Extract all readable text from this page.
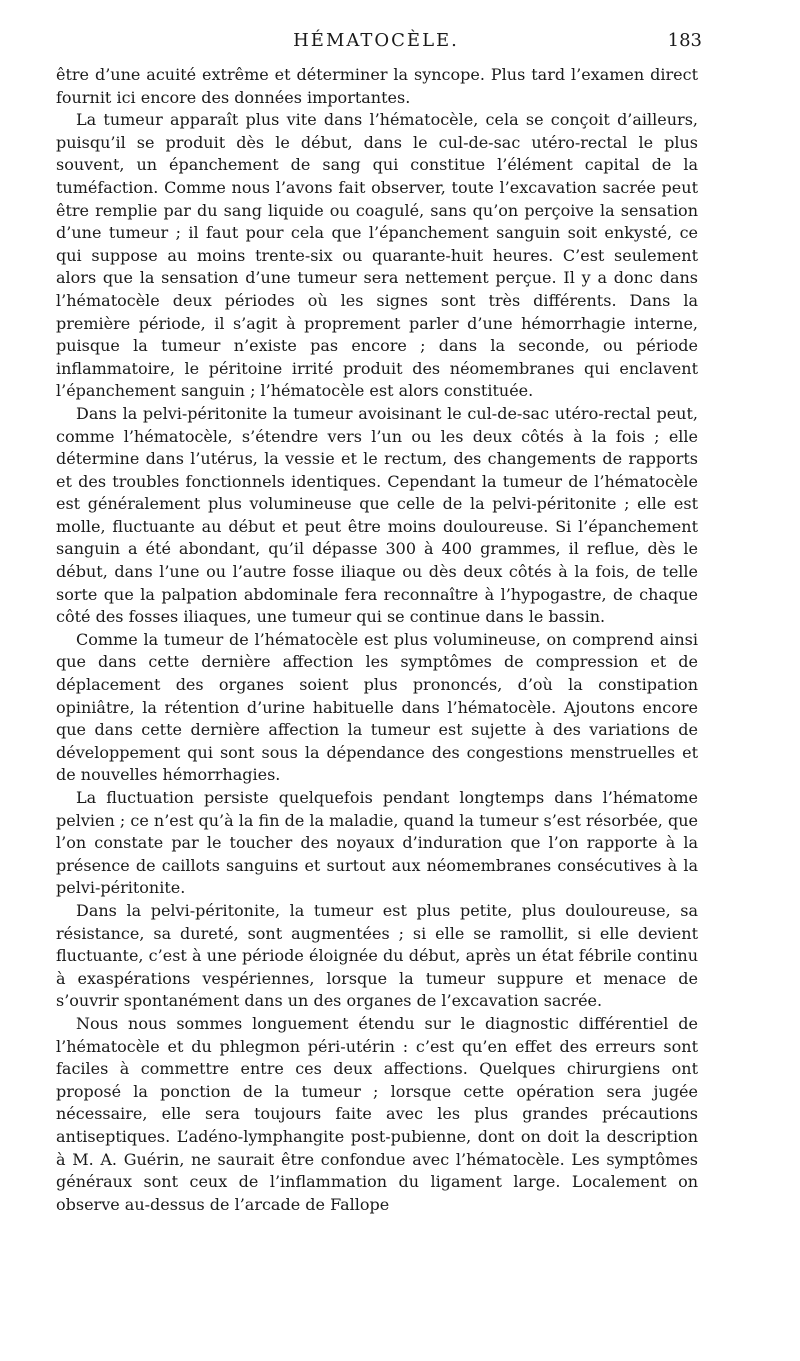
HÉMATOCÈLE.	183

être d’une acuité extrême et déterminer la syncope. Plus tard l’examen direct fournit ici encore des données importantes.

La tumeur apparaît plus vite dans l’hématocèle, cela se conçoit d’ailleurs, puisqu’il se produit dès le début, dans le cul-de-sac utéro-rectal le plus souvent, un épanchement de sang qui constitue l’élément capital de la tuméfaction. Comme nous l’avons fait observer, toute l’excavation sacrée peut être remplie par du sang liquide ou coagulé, sans qu’on perçoive la sensation d’une tumeur ; il faut pour cela que l’épanchement sanguin soit enkysté, ce qui suppose au moins trente-six ou quarante-huit heures. C’est seulement alors que la sensation d’une tumeur sera nettement perçue. Il y a donc dans l’hématocèle deux périodes où les signes sont très différents. Dans la première période, il s’agit à proprement parler d’une hémorrhagie interne, puisque la tumeur n’existe pas encore ; dans la seconde, ou période inflammatoire, le péritoine irrité produit des néomembranes qui enclavent l’épanchement sanguin ; l’hématocèle est alors constituée.

Dans la pelvi-péritonite la tumeur avoisinant le cul-de-sac utéro-rectal peut, comme l’hématocèle, s’étendre vers l’un ou les deux côtés à la fois ; elle détermine dans l’utérus, la vessie et le rectum, des changements de rapports et des troubles fonctionnels identiques. Cependant la tumeur de l’hématocèle est généralement plus volumineuse que celle de la pelvi-péritonite ; elle est molle, fluctuante au début et peut être moins douloureuse. Si l’épanchement sanguin a été abondant, qu’il dépasse 300 à 400 grammes, il reflue, dès le début, dans l’une ou l’autre fosse iliaque ou dès deux côtés à la fois, de telle sorte que la palpation abdominale fera reconnaître à l’hypogastre, de chaque côté des fosses iliaques, une tumeur qui se continue dans le bassin.

Comme la tumeur de l’hématocèle est plus volumineuse, on comprend ainsi que dans cette dernière affection les symptômes de compression et de déplacement des organes soient plus prononcés, d’où la constipation opiniâtre, la rétention d’urine habituelle dans l’hématocèle. Ajoutons encore que dans cette dernière affection la tumeur est sujette à des variations de développement qui sont sous la dépendance des congestions menstruelles et de nouvelles hémorrhagies.

La fluctuation persiste quelquefois pendant longtemps dans l’hématome pelvien ; ce n’est qu’à la fin de la maladie, quand la tumeur s’est résorbée, que l’on constate par le toucher des noyaux d’induration que l’on rapporte à la présence de caillots sanguins et surtout aux néomembranes consécutives à la pelvi-péritonite.

Dans la pelvi-péritonite, la tumeur est plus petite, plus douloureuse, sa résistance, sa dureté, sont augmentées ; si elle se ramollit, si elle devient fluctuante, c’est à une période éloignée du début, après un état fébrile continu à exaspérations vespériennes, lorsque la tumeur suppure et menace de s’ouvrir spontanément dans un des organes de l’excavation sacrée.

Nous nous sommes longuement étendu sur le diagnostic différentiel de l’hématocèle et du phlegmon péri-utérin : c’est qu’en effet des erreurs sont faciles à commettre entre ces deux affections. Quelques chirurgiens ont proposé la ponction de la tumeur ; lorsque cette opération sera jugée nécessaire, elle sera toujours faite avec les plus grandes précautions antiseptiques. L’adéno-lymphangite post-pubienne, dont on doit la description à M. A. Guérin, ne saurait être confondue avec l’hématocèle. Les symptômes généraux sont ceux de l’inflammation du ligament large. Localement on observe au-dessus de l’arcade de Fallope
